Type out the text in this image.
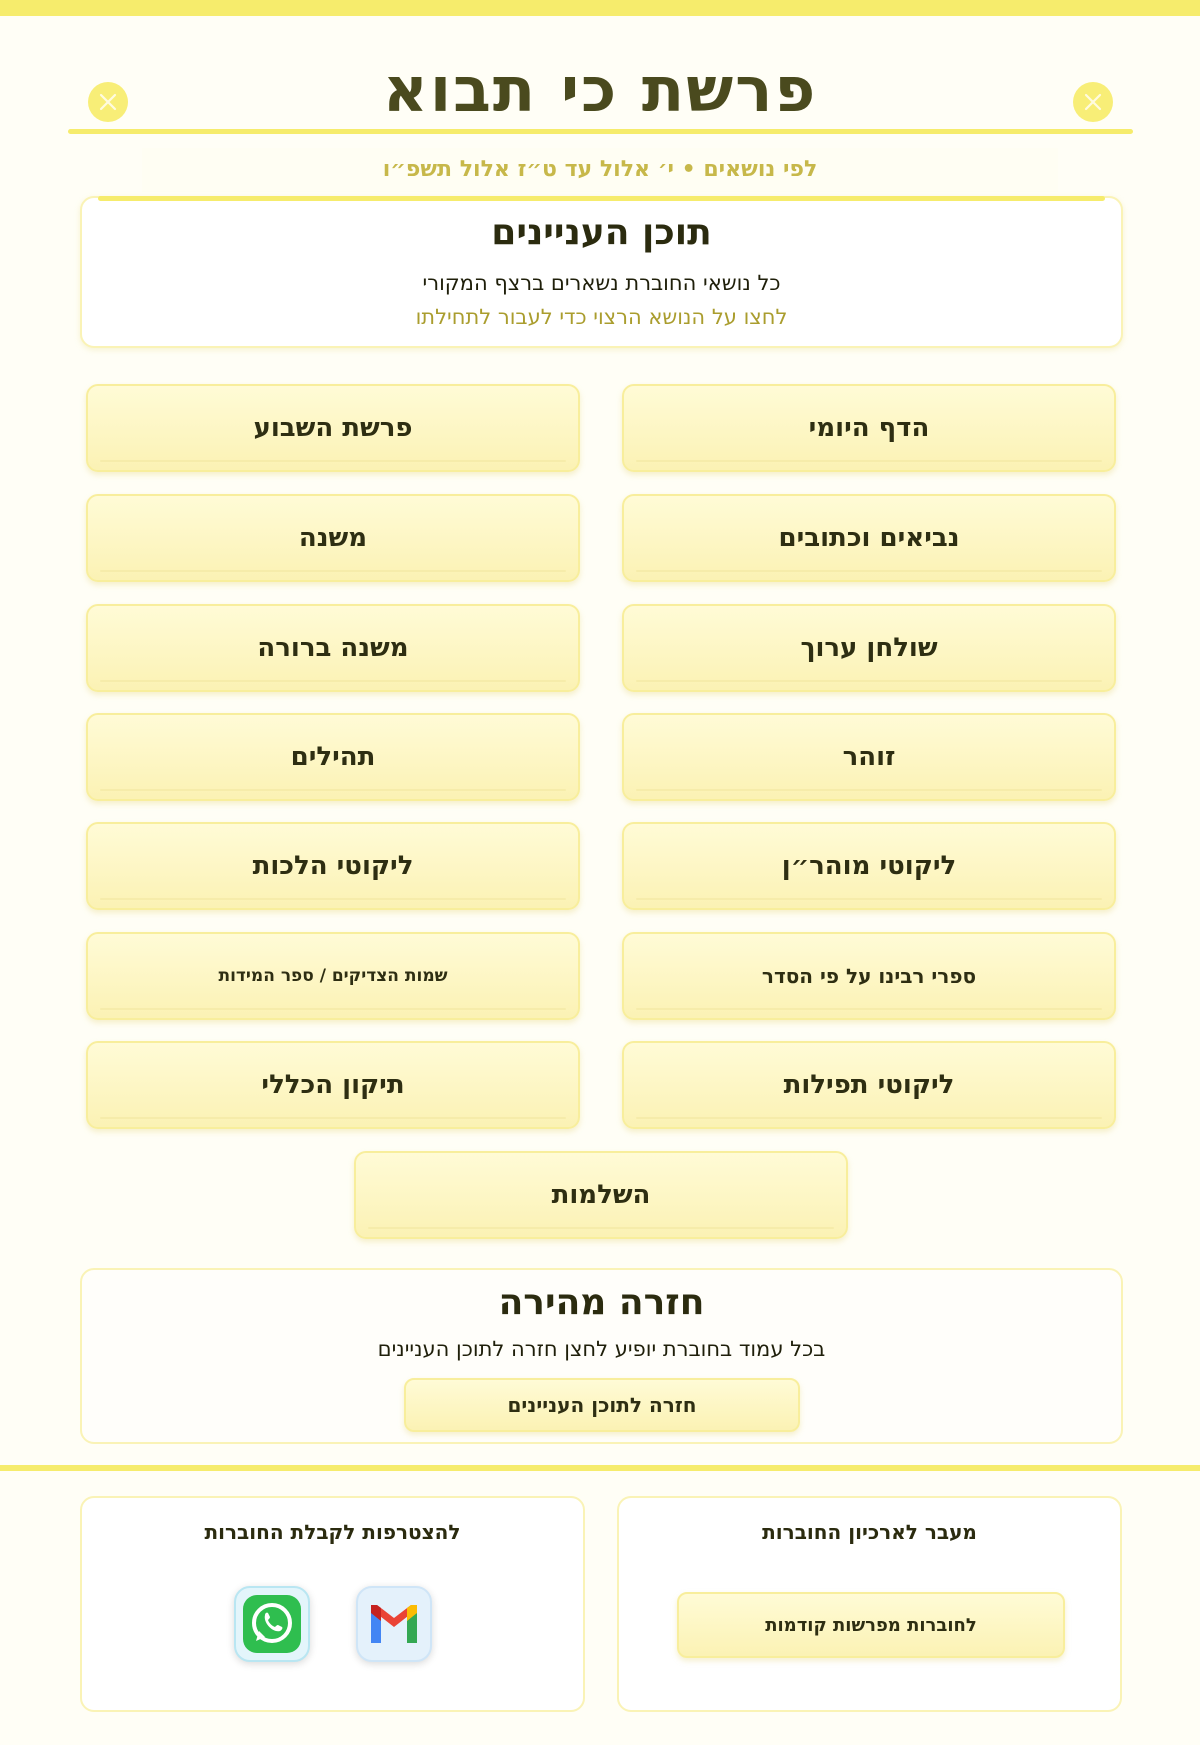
פרשת כי תבוא
לפי נושאים • י׳ אלול עד ט״ז אלול תשפ״ו
תוכן העניינים

כל נושאי החוברת נשארים ברצף המקורי

לחצו על הנושא הרצוי כדי לעבור לתחילתו

הדף היומי
פרשת השבוע
נביאים וכתובים
משנה
שולחן ערוך
משנה ברורה
זוהר
תהילים
ליקוטי מוהר״ן
ליקוטי הלכות
ספרי רבינו על פי הסדר
שמות הצדיקים / ספר המידות
ליקוטי תפילות
תיקון הכללי
השלמות
חזרה מהירה

בכל עמוד בחוברת יופיע לחצן חזרה לתוכן העניינים

חזרה לתוכן העניינים
מעבר לארכיון החוברות
לחוברות מפרשות קודמות
להצטרפות לקבלת החוברות
